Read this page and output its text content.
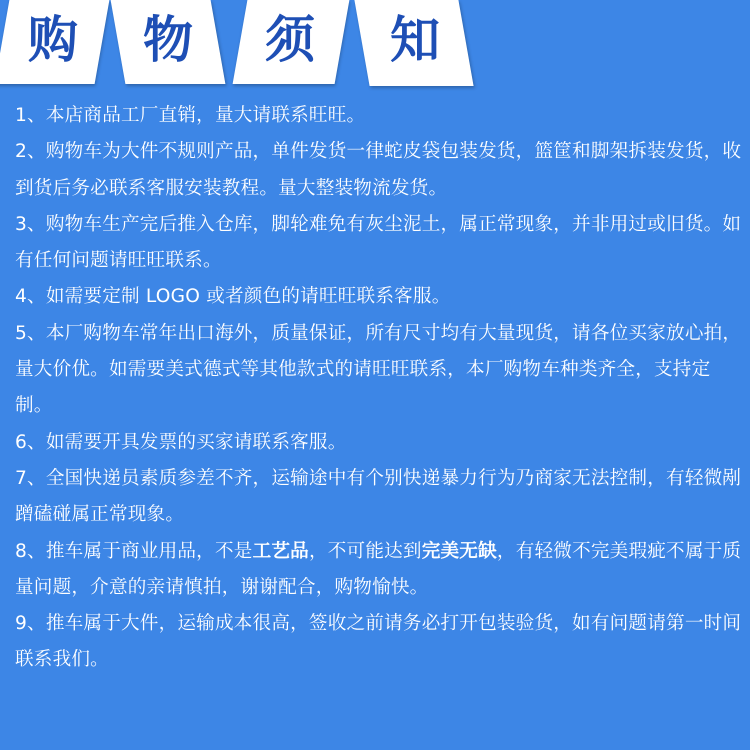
购	物	须	知

1、本店商品工厂直销，量大请联系旺旺。

2、购物车为大件不规则产品，单件发货一律蛇皮袋包装发货，篮筐和脚架拆装发货，收到货后务必联系客服安装教程。量大整装物流发货。

3、购物车生产完后推入仓库，脚轮难免有灰尘泥土，属正常现象，并非用过或旧货。如有任何问题请旺旺联系。

4、如需要定制 LOGO 或者颜色的请旺旺联系客服。

5、本厂购物车常年出口海外，质量保证，所有尺寸均有大量现货，请各位买家放心拍，量大价优。如需要美式德式等其他款式的请旺旺联系，本厂购物车种类齐全，支持定制。

6、如需要开具发票的买家请联系客服。

7、全国快递员素质参差不齐，运输途中有个别快递暴力行为乃商家无法控制，有轻微剐蹭磕碰属正常现象。

8、推车属于商业用品，不是工艺品，不可能达到完美无缺，有轻微不完美瑕疵不属于质量问题，介意的亲请慎拍，谢谢配合，购物愉快。

9、推车属于大件，运输成本很高，签收之前请务必打开包装验货，如有问题请第一时间联系我们。
